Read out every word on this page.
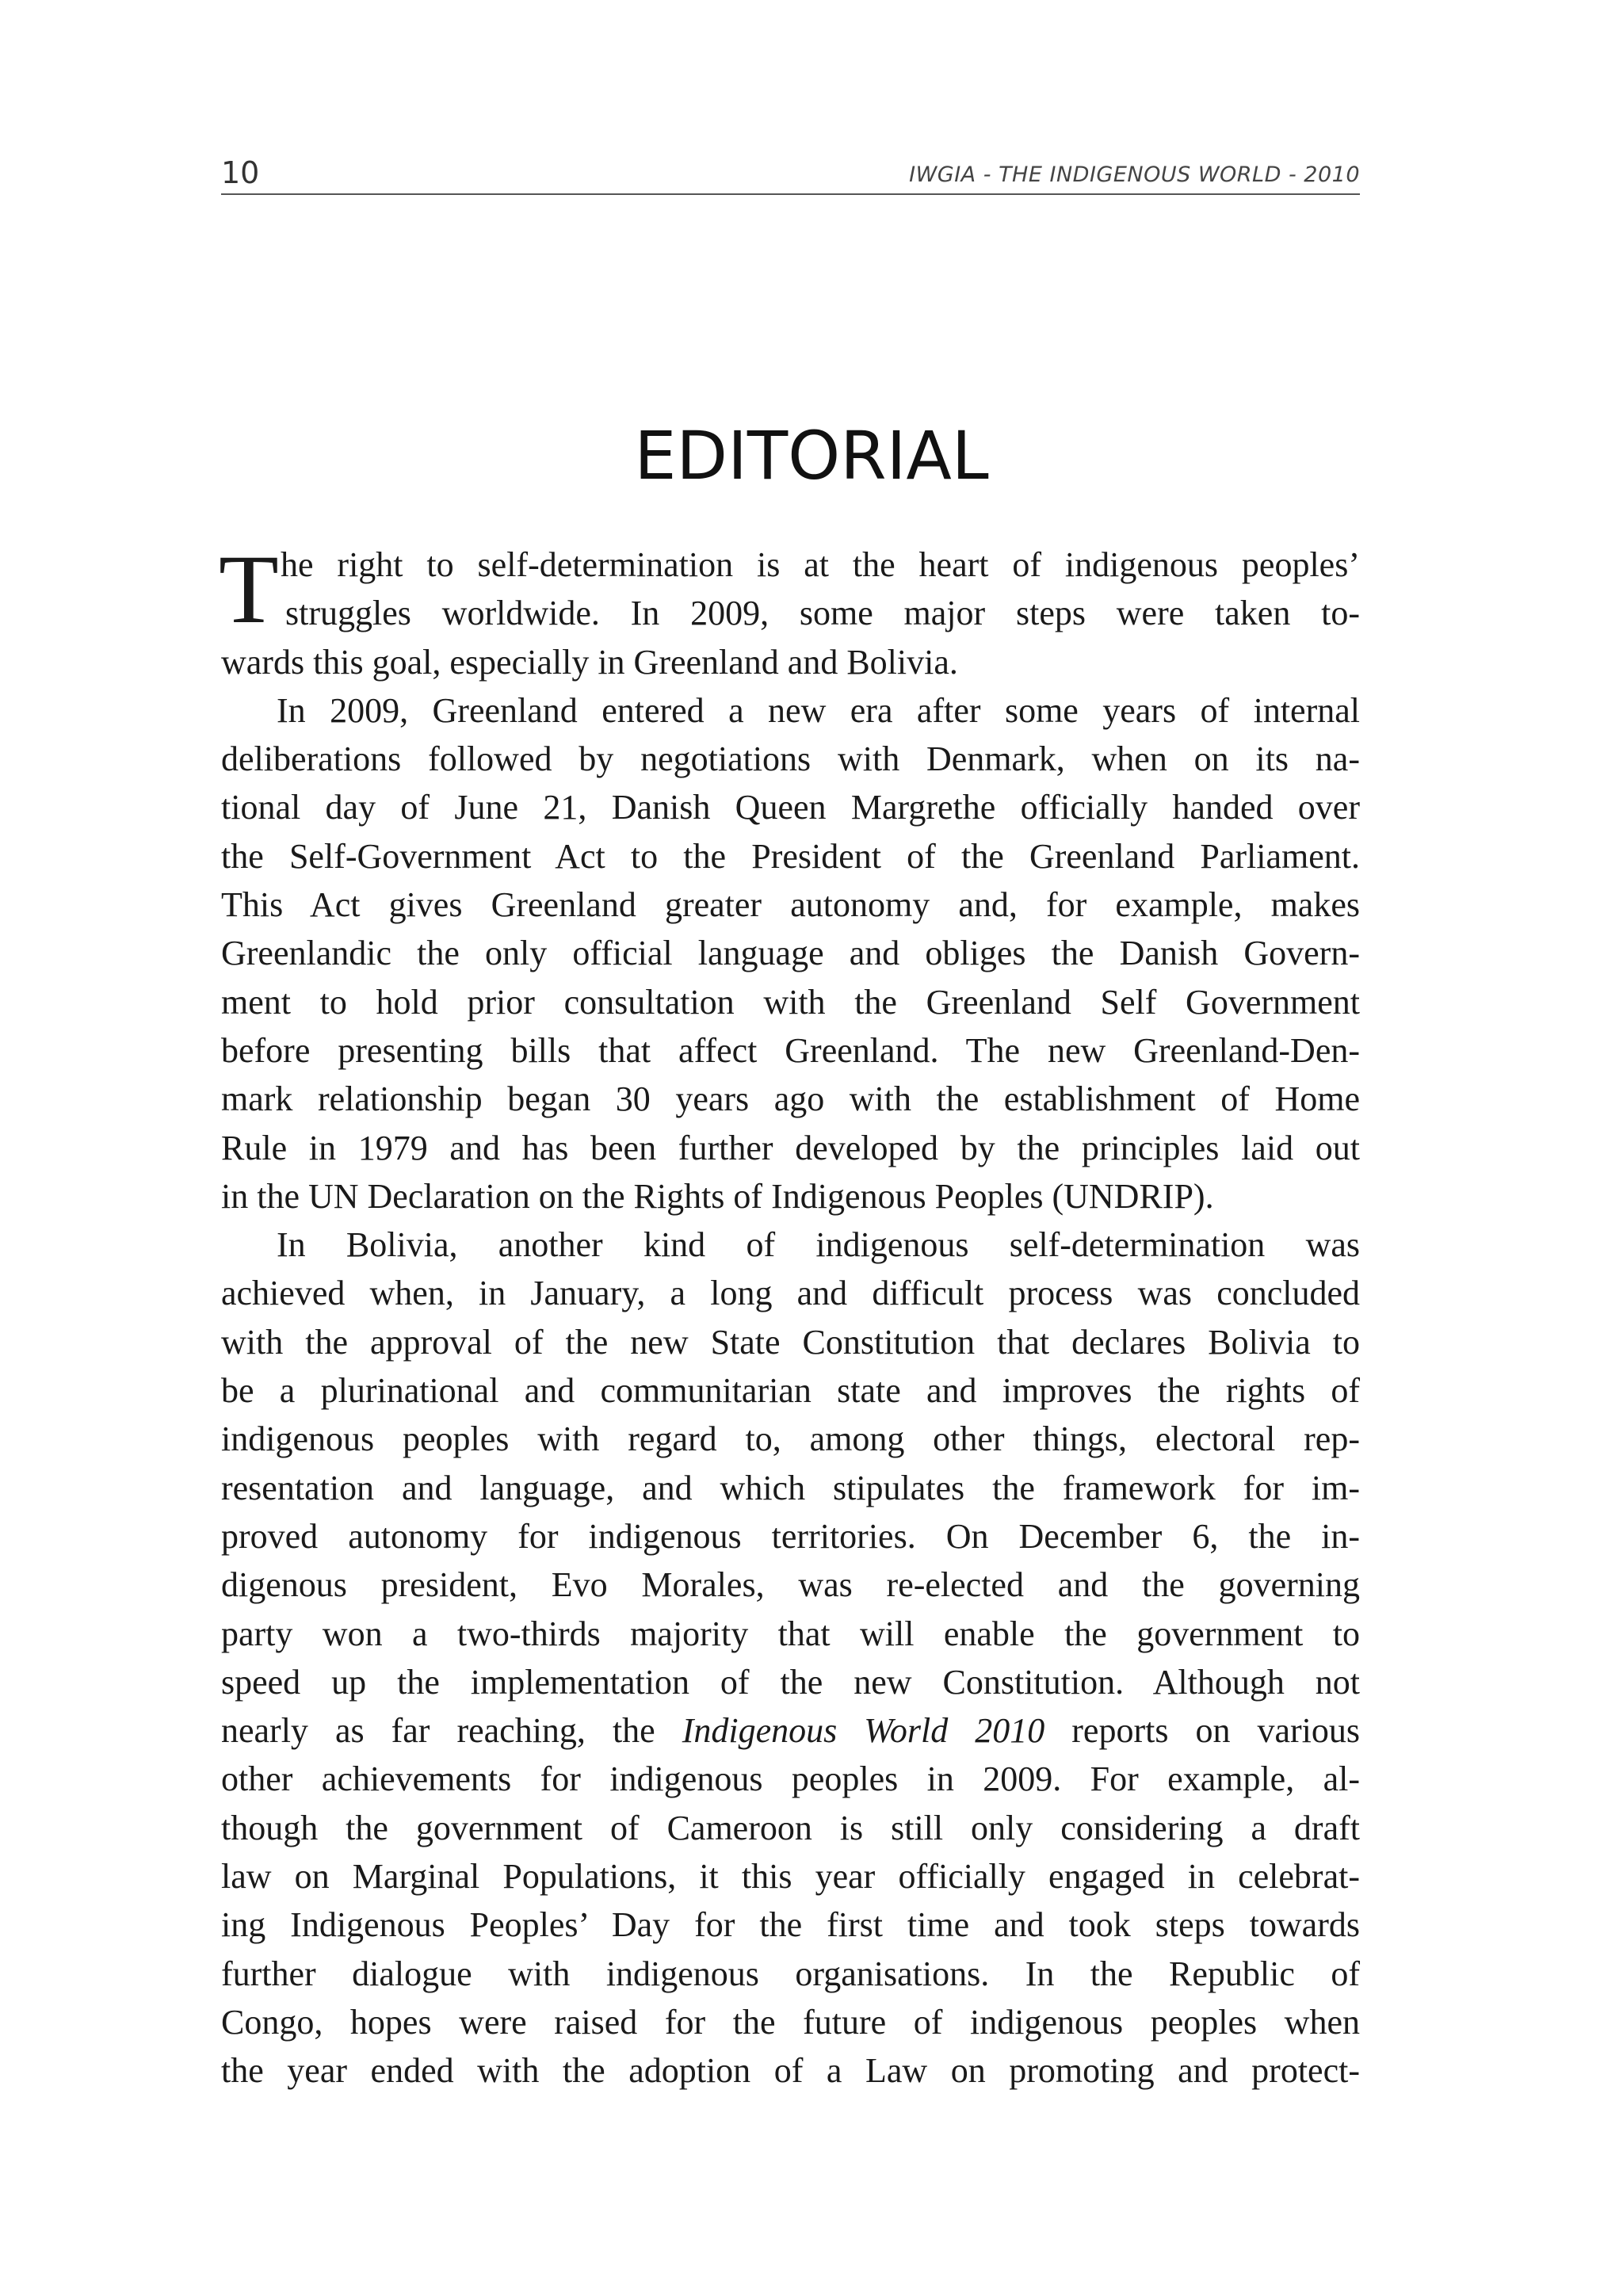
10	IWGIA - THE INDIGENOUS WORLD - 2010
EDITORIAL
T he right to self-determination is at the heart of indigenous peoples’
struggles worldwide. In 2009, some major steps were taken to-
wards this goal, especially in Greenland and Bolivia.
In 2009, Greenland entered a new era after some years of internal
deliberations followed by negotiations with Denmark, when on its na-
tional day of June 21, Danish Queen Margrethe officially handed over
the Self-Government Act to the President of the Greenland Parliament.
This Act gives Greenland greater autonomy and, for example, makes
Greenlandic the only official language and obliges the Danish Govern-
ment to hold prior consultation with the Greenland Self Government
before presenting bills that affect Greenland. The new Greenland-Den-
mark relationship began 30 years ago with the establishment of Home
Rule in 1979 and has been further developed by the principles laid out
in the UN Declaration on the Rights of Indigenous Peoples (UNDRIP).
In Bolivia, another kind of indigenous self-determination was
achieved when, in January, a long and difficult process was concluded
with the approval of the new State Constitution that declares Bolivia to
be a plurinational and communitarian state and improves the rights of
indigenous peoples with regard to, among other things, electoral rep-
resentation and language, and which stipulates the framework for im-
proved autonomy for indigenous territories. On December 6, the in-
digenous president, Evo Morales, was re-elected and the governing
party won a two-thirds majority that will enable the government to
speed up the implementation of the new Constitution. Although not
nearly as far reaching, the Indigenous World 2010 reports on various
other achievements for indigenous peoples in 2009. For example, al-
though the government of Cameroon is still only considering a draft
law on Marginal Populations, it this year officially engaged in celebrat-
ing Indigenous Peoples’ Day for the first time and took steps towards
further dialogue with indigenous organisations. In the Republic of
Congo, hopes were raised for the future of indigenous peoples when
the year ended with the adoption of a Law on promoting and protect-
